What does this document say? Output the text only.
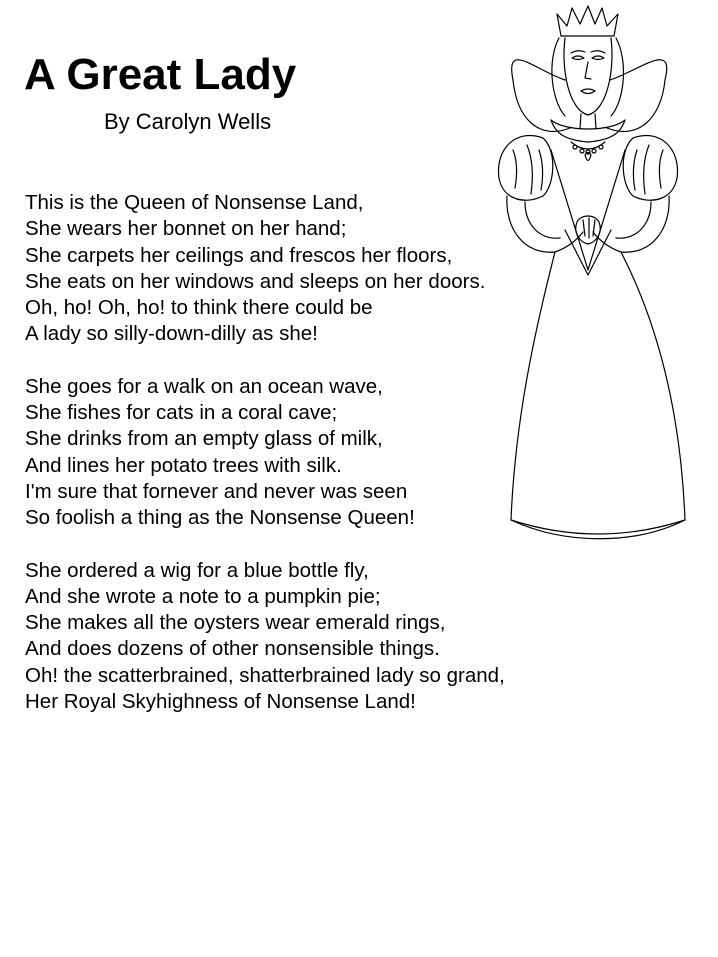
A Great Lady
By Carolyn Wells
This is the Queen of Nonsense Land,
She wears her bonnet on her hand;
She carpets her ceilings and frescos her floors,
She eats on her windows and sleeps on her doors.
Oh, ho! Oh, ho! to think there could be
A lady so silly-down-dilly as she!
She goes for a walk on an ocean wave,
She fishes for cats in a coral cave;
She drinks from an empty glass of milk,
And lines her potato trees with silk.
I'm sure that fornever and never was seen
So foolish a thing as the Nonsense Queen!
She ordered a wig for a blue bottle fly,
And she wrote a note to a pumpkin pie;
She makes all the oysters wear emerald rings,
And does dozens of other nonsensible things.
Oh! the scatterbrained, shatterbrained lady so grand,
Her Royal Skyhighness of Nonsense Land!
